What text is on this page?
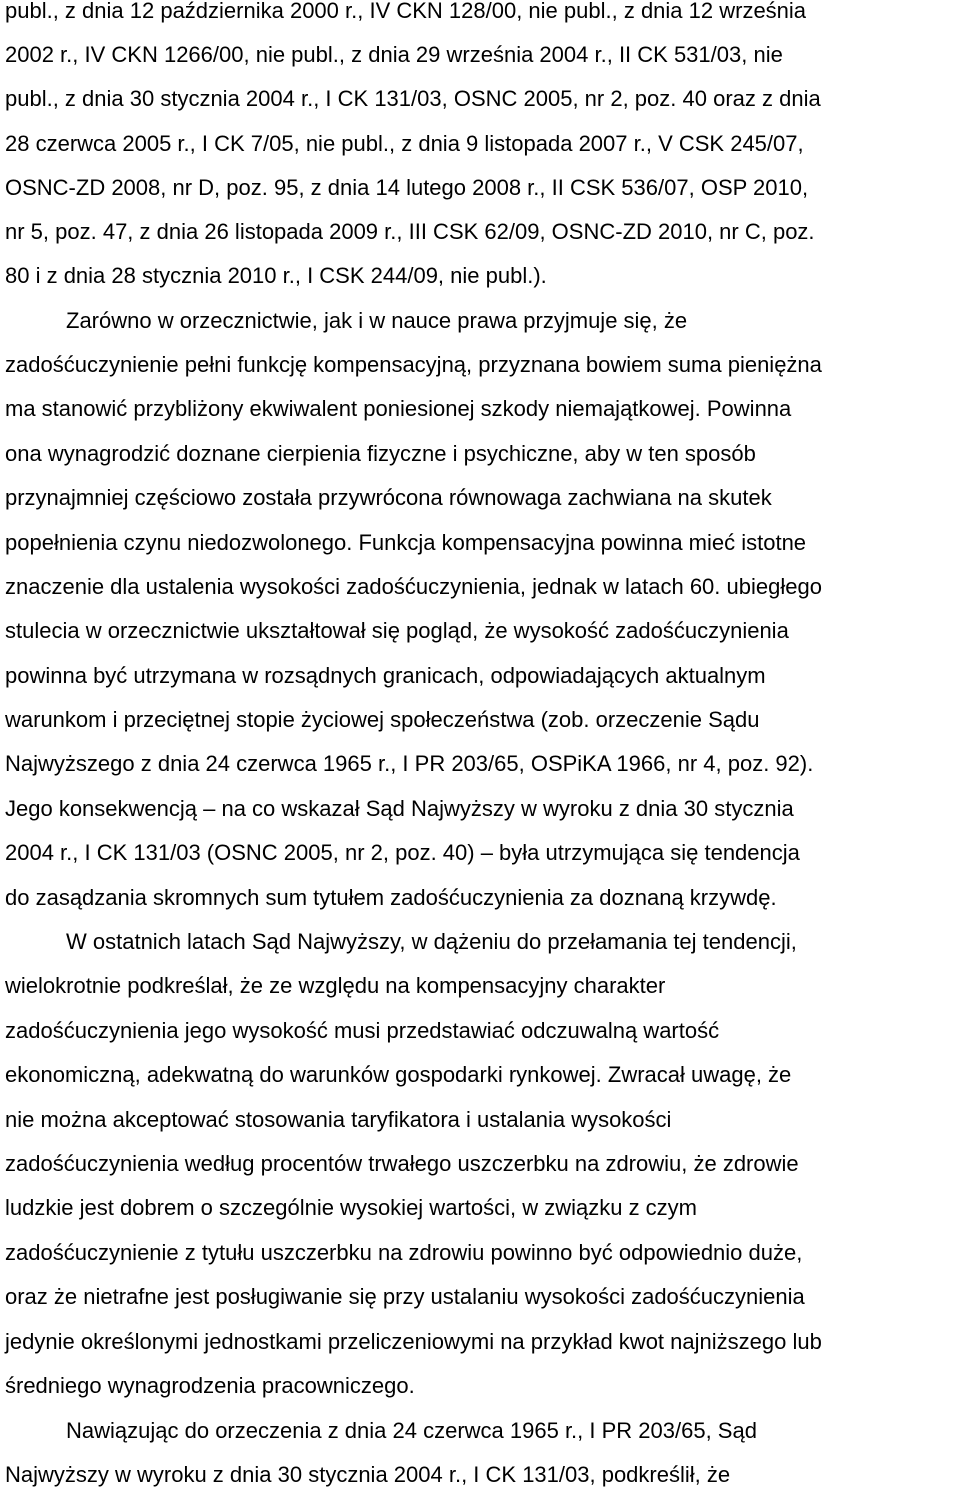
publ., z dnia 12 października 2000 r., IV CKN 128/00, nie publ., z dnia 12 września

2002 r., IV CKN 1266/00, nie publ., z dnia 29 września 2004 r., II CK 531/03, nie

publ., z dnia 30 stycznia 2004 r., I CK 131/03, OSNC 2005, nr 2, poz. 40 oraz z dnia

28 czerwca 2005 r., I CK 7/05, nie publ., z dnia 9 listopada 2007 r., V CSK 245/07,

OSNC-ZD 2008, nr D, poz. 95, z dnia 14 lutego 2008 r., II CSK 536/07, OSP 2010,

nr 5, poz. 47, z dnia 26 listopada 2009 r., III CSK 62/09, OSNC-ZD 2010, nr C, poz.

80 i z dnia 28 stycznia 2010 r., I CSK 244/09, nie publ.).

Zarówno w orzecznictwie, jak i w nauce prawa przyjmuje się, że

zadośćuczynienie pełni funkcję kompensacyjną, przyznana bowiem suma pieniężna

ma stanowić przybliżony ekwiwalent poniesionej szkody niemajątkowej. Powinna

ona wynagrodzić doznane cierpienia fizyczne i psychiczne, aby w ten sposób

przynajmniej częściowo została przywrócona równowaga zachwiana na skutek

popełnienia czynu niedozwolonego. Funkcja kompensacyjna powinna mieć istotne

znaczenie dla ustalenia wysokości zadośćuczynienia, jednak w latach 60. ubiegłego

stulecia w orzecznictwie ukształtował się pogląd, że wysokość zadośćuczynienia

powinna być utrzymana w rozsądnych granicach, odpowiadających aktualnym

warunkom i przeciętnej stopie życiowej społeczeństwa (zob. orzeczenie Sądu

Najwyższego z dnia 24 czerwca 1965 r., I PR 203/65, OSPiKA 1966, nr 4, poz. 92).

Jego konsekwencją – na co wskazał Sąd Najwyższy w wyroku z dnia 30 stycznia

2004 r., I CK 131/03 (OSNC 2005, nr 2, poz. 40) – była utrzymująca się tendencja

do zasądzania skromnych sum tytułem zadośćuczynienia za doznaną krzywdę.

W ostatnich latach Sąd Najwyższy, w dążeniu do przełamania tej tendencji,

wielokrotnie podkreślał, że ze względu na kompensacyjny charakter

zadośćuczynienia jego wysokość musi przedstawiać odczuwalną wartość

ekonomiczną, adekwatną do warunków gospodarki rynkowej. Zwracał uwagę, że

nie można akceptować stosowania taryfikatora i ustalania wysokości

zadośćuczynienia według procentów trwałego uszczerbku na zdrowiu, że zdrowie

ludzkie jest dobrem o szczególnie wysokiej wartości, w związku z czym

zadośćuczynienie z tytułu uszczerbku na zdrowiu powinno być odpowiednio duże,

oraz że nietrafne jest posługiwanie się przy ustalaniu wysokości zadośćuczynienia

jedynie określonymi jednostkami przeliczeniowymi na przykład kwot najniższego lub

średniego wynagrodzenia pracowniczego.

Nawiązując do orzeczenia z dnia 24 czerwca 1965 r., I PR 203/65, Sąd

Najwyższy w wyroku z dnia 30 stycznia 2004 r., I CK 131/03, podkreślił, że
